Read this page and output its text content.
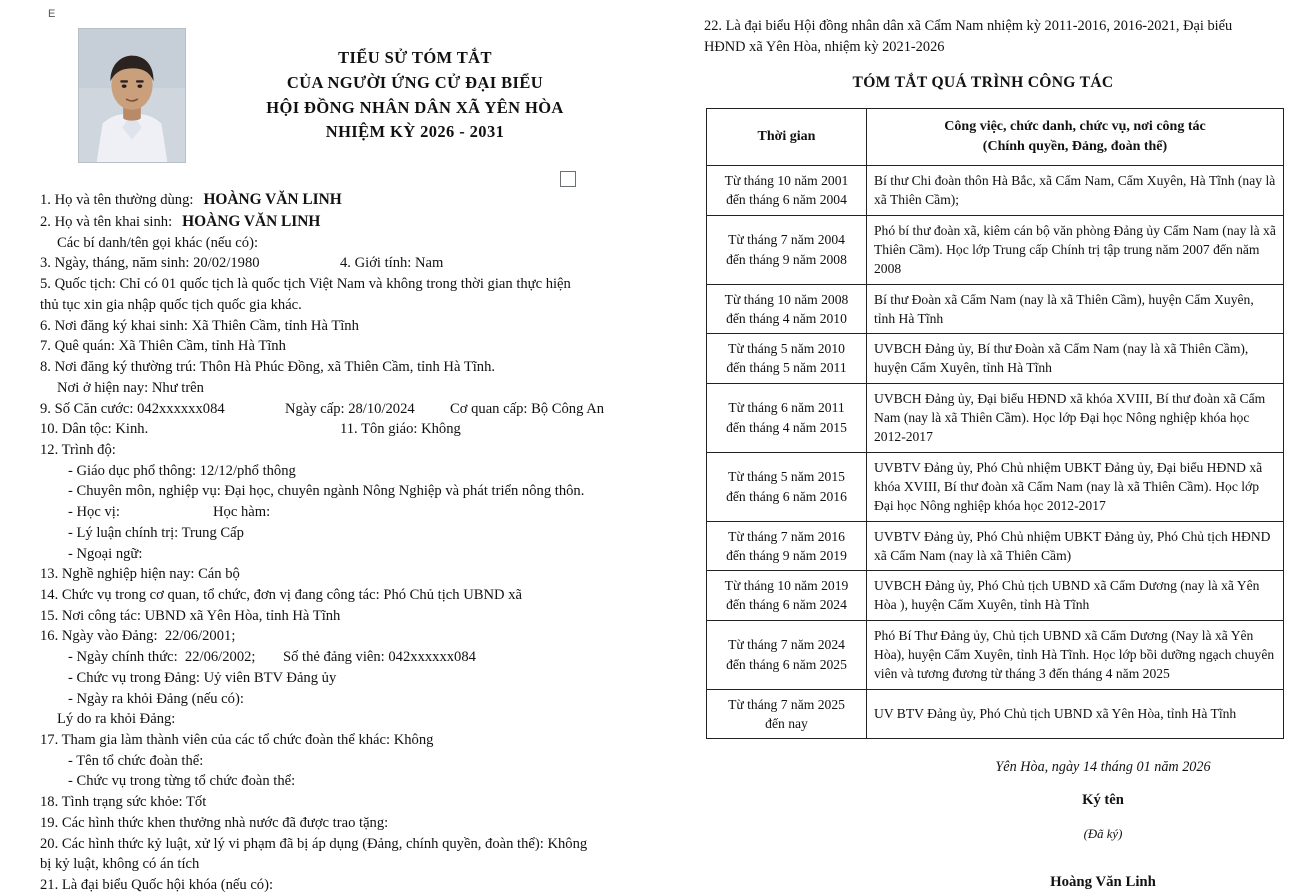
E
TIỂU SỬ TÓM TẮT
CỦA NGƯỜI ỨNG CỬ ĐẠI BIỂU
HỘI ĐỒNG NHÂN DÂN XÃ YÊN HÒA
NHIỆM KỲ 2026 - 2031
1. Họ và tên thường dùng: HOÀNG VĂN LINH
2. Họ và tên khai sinh: HOÀNG VĂN LINH
Các bí danh/tên gọi khác (nếu có):
3. Ngày, tháng, năm sinh: 20/02/1980	4. Giới tính: Nam
5. Quốc tịch: Chỉ có 01 quốc tịch là quốc tịch Việt Nam và không trong thời gian thực hiện
thủ tục xin gia nhập quốc tịch quốc gia khác.
6. Nơi đăng ký khai sinh: Xã Thiên Cầm, tỉnh Hà Tĩnh
7. Quê quán: Xã Thiên Cầm, tỉnh Hà Tĩnh
8. Nơi đăng ký thường trú: Thôn Hà Phúc Đồng, xã Thiên Cầm, tỉnh Hà Tĩnh.
Nơi ở hiện nay: Như trên
9. Số Căn cước: 042xxxxxx084	Ngày cấp: 28/10/2024	Cơ quan cấp: Bộ Công An
10. Dân tộc: Kinh.	11. Tôn giáo: Không
12. Trình độ:
- Giáo dục phổ thông: 12/12/phổ thông
- Chuyên môn, nghiệp vụ: Đại học, chuyên ngành Nông Nghiệp và phát triển nông thôn.
- Học vị:	Học hàm:
- Lý luận chính trị: Trung Cấp
- Ngoại ngữ:
13. Nghề nghiệp hiện nay: Cán bộ
14. Chức vụ trong cơ quan, tổ chức, đơn vị đang công tác: Phó Chủ tịch UBND xã
15. Nơi công tác: UBND xã Yên Hòa, tỉnh Hà Tĩnh
16. Ngày vào Đảng:  22/06/2001;
- Ngày chính thức:  22/06/2002;	Số thẻ đảng viên: 042xxxxxx084
- Chức vụ trong Đảng: Uỷ viên BTV Đảng ủy
- Ngày ra khỏi Đảng (nếu có):
Lý do ra khỏi Đảng:
17. Tham gia làm thành viên của các tổ chức đoàn thể khác: Không
- Tên tổ chức đoàn thể:
- Chức vụ trong từng tổ chức đoàn thể:
18. Tình trạng sức khỏe: Tốt
19. Các hình thức khen thưởng nhà nước đã được trao tặng:
20. Các hình thức kỷ luật, xử lý vi phạm đã bị áp dụng (Đảng, chính quyền, đoàn thể): Không
bị kỷ luật, không có án tích
21. Là đại biểu Quốc hội khóa (nếu có):
22. Là đại biểu Hội đồng nhân dân xã Cẩm Nam nhiệm kỳ 2011-2016, 2016-2021, Đại biểu
HĐND xã Yên Hòa, nhiệm kỳ 2021-2026
TÓM TẮT QUÁ TRÌNH CÔNG TÁC
Thời gian	Công việc, chức danh, chức vụ, nơi công tác
(Chính quyền, Đảng, đoàn thể)

Từ tháng 10 năm 2001
đến tháng 6 năm 2004	Bí thư Chi đoàn thôn Hà Bắc, xã Cẩm Nam, Cẩm Xuyên, Hà Tĩnh (nay là xã Thiên Cầm);
Từ tháng 7 năm 2004
đến tháng 9 năm 2008	Phó bí thư đoàn xã, kiêm cán bộ văn phòng Đảng ủy Cẩm Nam (nay là xã Thiên Cầm). Học lớp Trung cấp Chính trị tập trung năm 2007 đến năm 2008
Từ tháng 10 năm 2008
đến tháng 4 năm 2010	Bí thư Đoàn xã Cẩm Nam (nay là xã Thiên Cầm), huyện Cẩm Xuyên, tỉnh Hà Tĩnh
Từ tháng 5 năm 2010
đến tháng 5 năm 2011	UVBCH Đảng ủy, Bí thư Đoàn xã Cẩm Nam (nay là xã Thiên Cầm), huyện Cẩm Xuyên, tỉnh Hà Tĩnh
Từ tháng 6 năm 2011
đến tháng 4 năm 2015	UVBCH Đảng ủy, Đại biểu HĐND xã khóa XVIII, Bí thư đoàn xã Cẩm Nam (nay là xã Thiên Cầm). Học lớp Đại học Nông nghiệp khóa học 2012-2017
Từ tháng 5 năm 2015
đến tháng 6 năm 2016	UVBTV Đảng ủy, Phó Chủ nhiệm UBKT Đảng ủy, Đại biểu HĐND xã khóa XVIII, Bí thư đoàn xã Cẩm Nam (nay là xã Thiên Cầm). Học lớp Đại học Nông nghiệp khóa học 2012-2017
Từ tháng 7 năm 2016
đến tháng 9 năm 2019	UVBTV Đảng ủy, Phó Chủ nhiệm UBKT Đảng ủy, Phó Chủ tịch HĐND xã Cẩm Nam (nay là xã Thiên Cầm)
Từ tháng 10 năm 2019
đến tháng 6 năm 2024	UVBCH Đảng ủy, Phó Chủ tịch UBND xã Cẩm Dương (nay là xã Yên Hòa ), huyện Cẩm Xuyên, tỉnh Hà Tĩnh
Từ tháng 7 năm 2024
đến tháng 6 năm 2025	Phó Bí Thư Đảng ủy, Chủ tịch UBND xã Cẩm Dương (Nay là xã Yên Hòa), huyện Cẩm Xuyên, tỉnh Hà Tĩnh. Học lớp bồi dưỡng ngạch chuyên viên và tương đương từ tháng 3 đến tháng 4 năm 2025
Từ tháng 7 năm 2025
đến nay	UV BTV Đảng ủy, Phó Chủ tịch UBND xã Yên Hòa, tỉnh Hà Tĩnh
Yên Hòa, ngày 14 tháng 01 năm 2026
Ký tên
(Đã ký)
Hoàng Văn Linh
